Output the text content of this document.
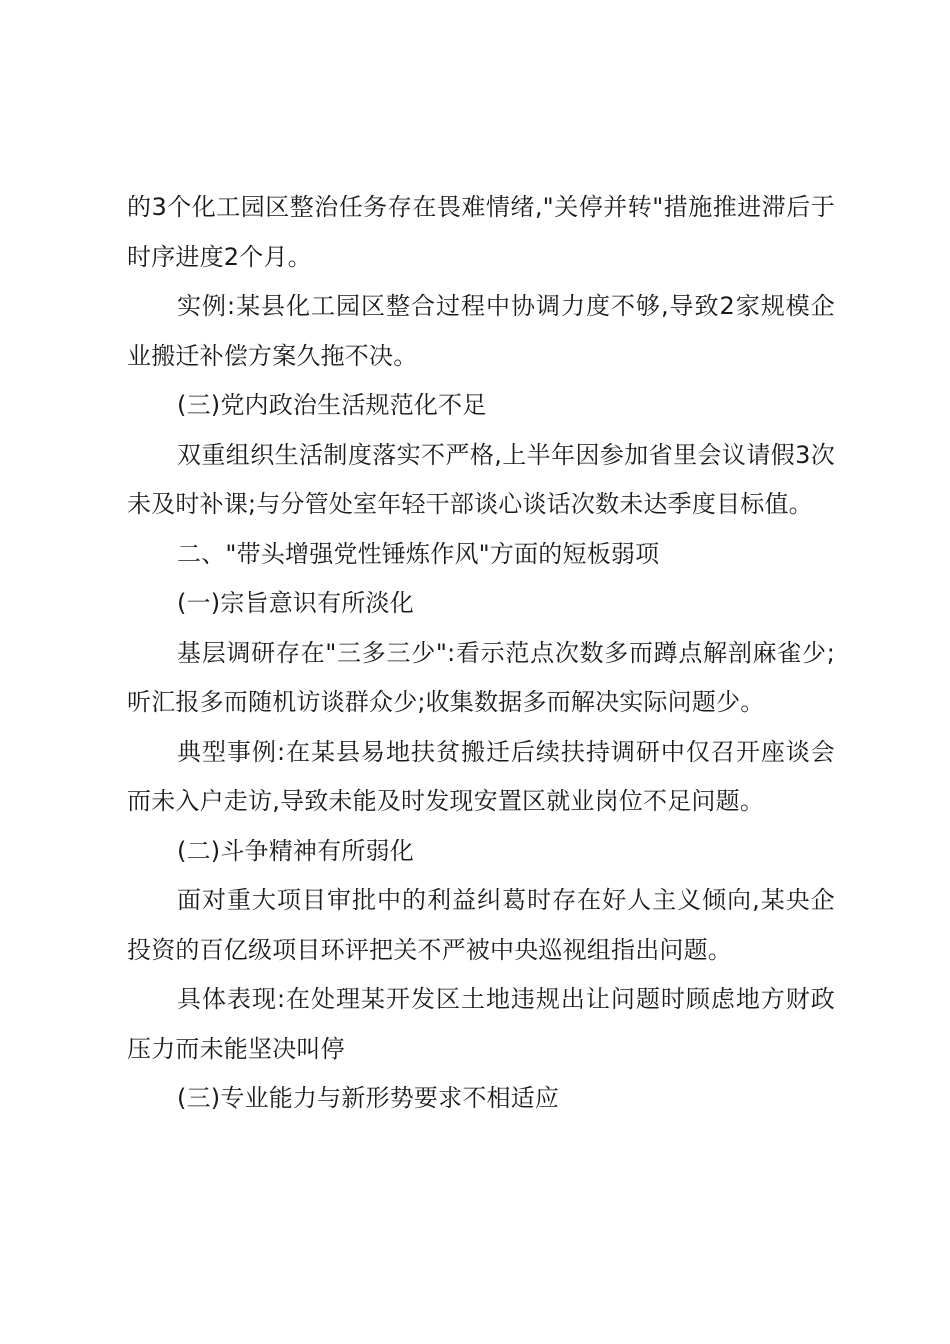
的3个化工园区整治任务存在畏难情绪,"关停并转"措施推进滞后于时序进度2个月。

实例:某县化工园区整合过程中协调力度不够,导致2家规模企业搬迁补偿方案久拖不决。

(三)党内政治生活规范化不足

双重组织生活制度落实不严格,上半年因参加省里会议请假3次未及时补课;与分管处室年轻干部谈心谈话次数未达季度目标值。

二、"带头增强党性锤炼作风"方面的短板弱项

(一)宗旨意识有所淡化

基层调研存在"三多三少":看示范点次数多而蹲点解剖麻雀少;听汇报多而随机访谈群众少;收集数据多而解决实际问题少。

典型事例:在某县易地扶贫搬迁后续扶持调研中仅召开座谈会而未入户走访,导致未能及时发现安置区就业岗位不足问题。

(二)斗争精神有所弱化

面对重大项目审批中的利益纠葛时存在好人主义倾向,某央企投资的百亿级项目环评把关不严被中央巡视组指出问题。

具体表现:在处理某开发区土地违规出让问题时顾虑地方财政压力而未能坚决叫停

(三)专业能力与新形势要求不相适应
